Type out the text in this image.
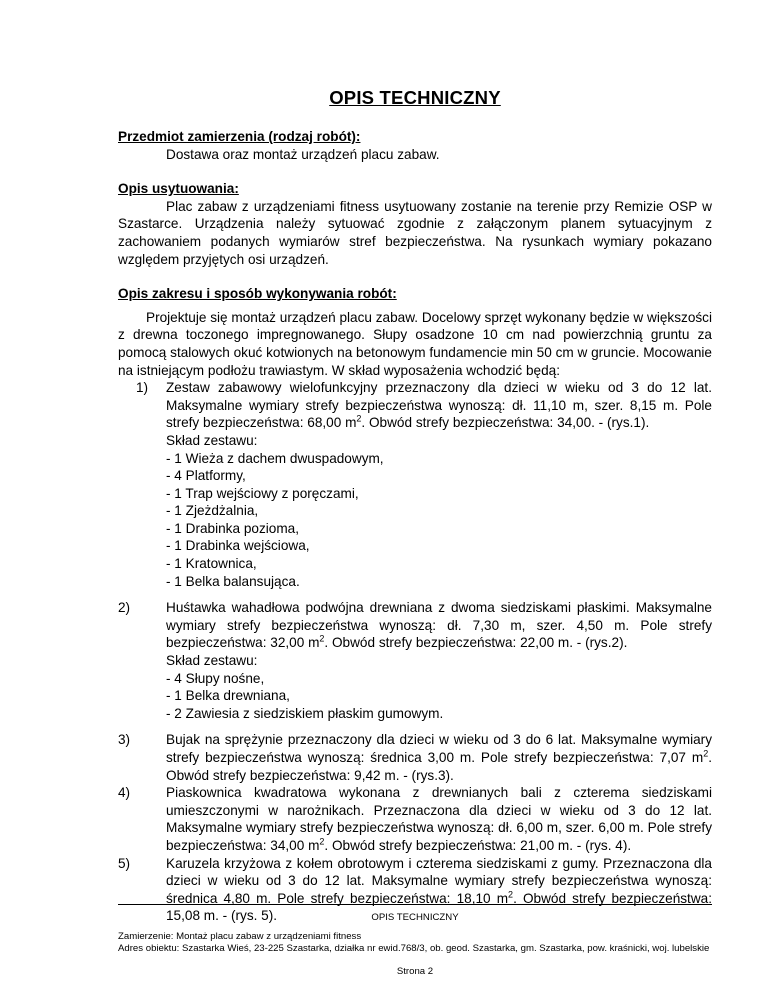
OPIS TECHNICZNY

Przedmiot zamierzenia (rodzaj robót):

Dostawa oraz montaż urządzeń placu zabaw.

Opis usytuowania:

Plac zabaw z urządzeniami fitness usytuowany zostanie na terenie przy Remizie OSP w Szastarce. Urządzenia należy sytuować zgodnie z załączonym planem sytuacyjnym z zachowaniem podanych wymiarów stref bezpieczeństwa. Na rysunkach wymiary pokazano względem przyjętych osi urządzeń.

Opis zakresu i sposób wykonywania robót:

Projektuje się montaż urządzeń placu zabaw. Docelowy sprzęt wykonany będzie w większości z drewna toczonego impregnowanego. Słupy osadzone 10 cm nad powierzchnią gruntu za pomocą stalowych okuć kotwionych na betonowym fundamencie min 50 cm w gruncie. Mocowanie na istniejącym podłożu trawiastym. W skład wyposażenia wchodzić będą:

1)	Zestaw zabawowy wielofunkcyjny przeznaczony dla dzieci w wieku od 3 do 12 lat. Maksymalne wymiary strefy bezpieczeństwa wynoszą: dł. 11,10 m, szer. 8,15 m. Pole strefy bezpieczeństwa: 68,00 $m^2$. Obwód strefy bezpieczeństwa: 34,00. - (rys.1).
Skład zestawu:
- 1 Wieża z dachem dwuspadowym,
- 4 Platformy,
- 1 Trap wejściowy z poręczami,
- 1 Zjeżdżalnia,
- 1 Drabinka pozioma,
- 1 Drabinka wejściowa,
- 1 Kratownica,
- 1 Belka balansująca.
2)	Huśtawka wahadłowa podwójna drewniana z dwoma siedziskami płaskimi. Maksymalne wymiary strefy bezpieczeństwa wynoszą: dł. 7,30 m, szer. 4,50 m. Pole strefy bezpieczeństwa: 32,00 $m^2$. Obwód strefy bezpieczeństwa: 22,00 m. - (rys.2).
Skład zestawu:
- 4 Słupy nośne,
- 1 Belka drewniana,
- 2 Zawiesia z siedziskiem płaskim gumowym.
3)	Bujak na sprężynie przeznaczony dla dzieci w wieku od 3 do 6 lat. Maksymalne wymiary strefy bezpieczeństwa wynoszą: średnica 3,00 m. Pole strefy bezpieczeństwa: 7,07 $m^2$. Obwód strefy bezpieczeństwa: 9,42 m. - (rys.3).
4)	Piaskownica kwadratowa wykonana z drewnianych bali z czterema siedziskami umieszczonymi w narożnikach. Przeznaczona dla dzieci w wieku od 3 do 12 lat. Maksymalne wymiary strefy bezpieczeństwa wynoszą: dł. 6,00 m, szer. 6,00 m. Pole strefy bezpieczeństwa: 34,00 $m^2$. Obwód strefy bezpieczeństwa: 21,00 m. - (rys. 4).
5)	Karuzela krzyżowa z kołem obrotowym i czterema siedziskami z gumy. Przeznaczona dla dzieci w wieku od 3 do 12 lat. Maksymalne wymiary strefy bezpieczeństwa wynoszą: średnica 4,80 m. Pole strefy bezpieczeństwa: 18,10 $m^2$. Obwód strefy bezpieczeństwa: 15,08 m. - (rys. 5).	OPIS TECHNICZNY
Zamierzenie: Montaż placu zabaw z urządzeniami fitness
Adres obiektu: Szastarka Wieś, 23-225 Szastarka, działka nr ewid.768/3, ob. geod. Szastarka, gm. Szastarka, pow. kraśnicki, woj. lubelskie
Strona 2
